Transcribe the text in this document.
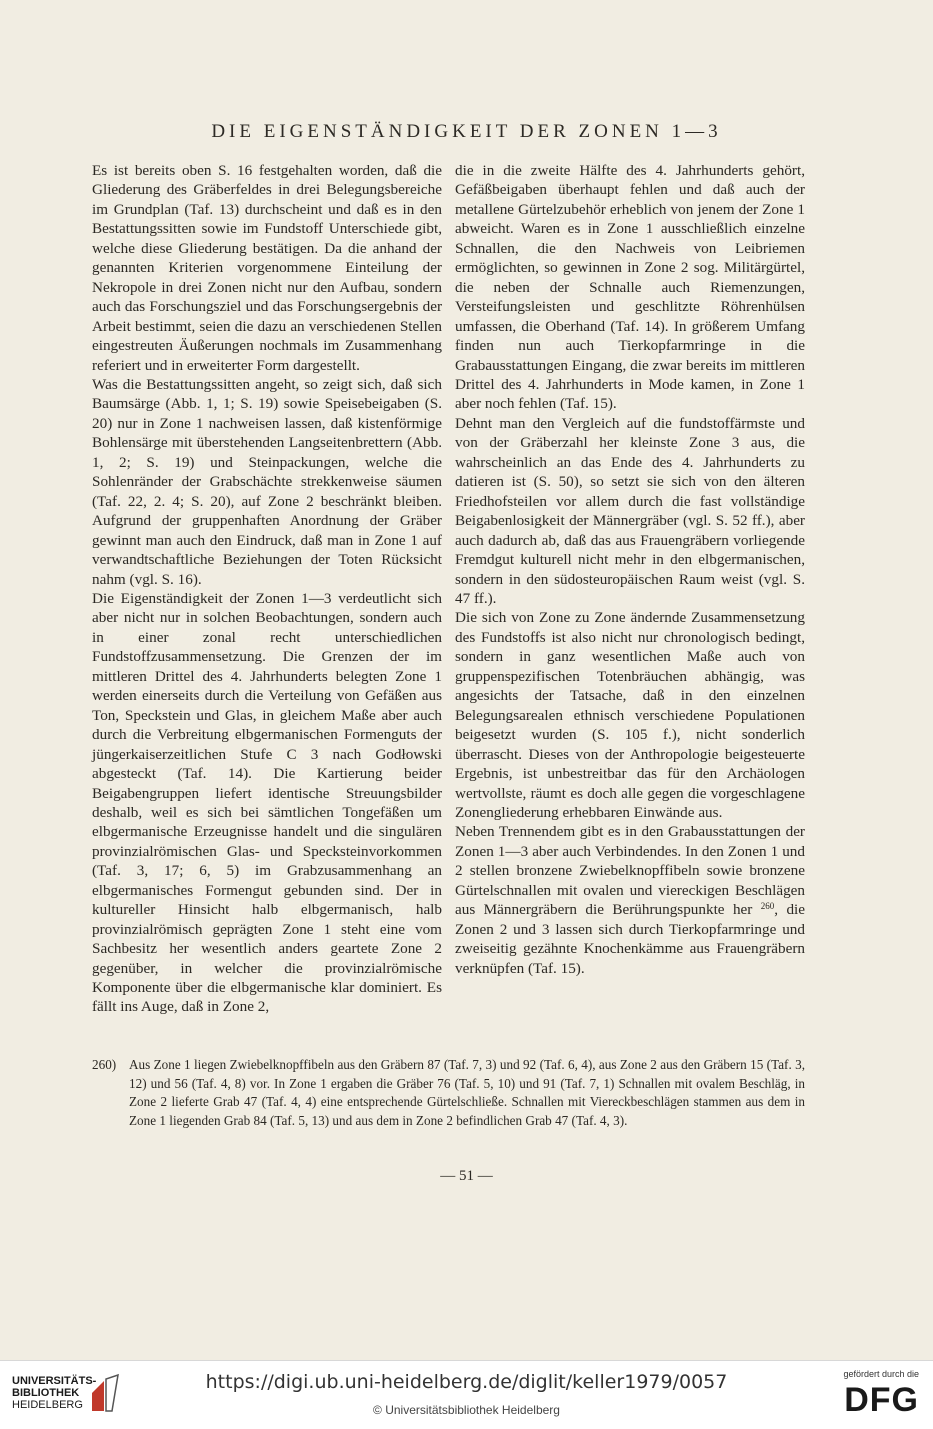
DIE EIGENSTÄNDIGKEIT DER ZONEN 1—3

Es ist bereits oben S. 16 festgehalten worden, daß die Gliederung des Gräberfeldes in drei Belegungsbereiche im Grundplan (Taf. 13) durchscheint und daß es in den Bestattungssitten sowie im Fundstoff Unterschiede gibt, welche diese Gliederung bestätigen. Da die anhand der genannten Kriterien vorgenommene Einteilung der Nekropole in drei Zonen nicht nur den Aufbau, sondern auch das Forschungsziel und das Forschungsergebnis der Arbeit bestimmt, seien die dazu an verschiedenen Stellen eingestreuten Äußerungen nochmals im Zusammenhang referiert und in erweiterter Form dargestellt.

Was die Bestattungssitten angeht, so zeigt sich, daß sich Baumsärge (Abb. 1, 1; S. 19) sowie Speisebeigaben (S. 20) nur in Zone 1 nachweisen lassen, daß kistenförmige Bohlensärge mit überstehenden Langseitenbrettern (Abb. 1, 2; S. 19) und Steinpackungen, welche die Sohlenränder der Grabschächte strekkenweise säumen (Taf. 22, 2. 4; S. 20), auf Zone 2 beschränkt bleiben. Aufgrund der gruppenhaften Anordnung der Gräber gewinnt man auch den Eindruck, daß man in Zone 1 auf verwandtschaftliche Beziehungen der Toten Rücksicht nahm (vgl. S. 16).

Die Eigenständigkeit der Zonen 1—3 verdeutlicht sich aber nicht nur in solchen Beobachtungen, sondern auch in einer zonal recht unterschiedlichen Fundstoffzusammensetzung. Die Grenzen der im mittleren Drittel des 4. Jahrhunderts belegten Zone 1 werden einerseits durch die Verteilung von Gefäßen aus Ton, Speckstein und Glas, in gleichem Maße aber auch durch die Verbreitung elbgermanischen Formenguts der jüngerkaiserzeitlichen Stufe C 3 nach Godłowski abgesteckt (Taf. 14). Die Kartierung beider Beigabengruppen liefert identische Streuungsbilder deshalb, weil es sich bei sämtlichen Tongefäßen um elbgermanische Erzeugnisse handelt und die singulären provinzialrömischen Glas- und Specksteinvorkommen (Taf. 3, 17; 6, 5) im Grabzusammenhang an elbgermanisches Formengut gebunden sind. Der in kultureller Hinsicht halb elbgermanisch, halb provinzialrömisch geprägten Zone 1 steht eine vom Sachbesitz her wesentlich anders geartete Zone 2 gegenüber, in welcher die provinzialrömische Komponente über die elbgermanische klar dominiert. Es fällt ins Auge, daß in Zone 2,

die in die zweite Hälfte des 4. Jahrhunderts gehört, Gefäßbeigaben überhaupt fehlen und daß auch der metallene Gürtelzubehör erheblich von jenem der Zone 1 abweicht. Waren es in Zone 1 ausschließlich einzelne Schnallen, die den Nachweis von Leibriemen ermöglichten, so gewinnen in Zone 2 sog. Militärgürtel, die neben der Schnalle auch Riemenzungen, Versteifungsleisten und geschlitzte Röhrenhülsen umfassen, die Oberhand (Taf. 14). In größerem Umfang finden nun auch Tierkopfarmringe in die Grabausstattungen Eingang, die zwar bereits im mittleren Drittel des 4. Jahrhunderts in Mode kamen, in Zone 1 aber noch fehlen (Taf. 15).

Dehnt man den Vergleich auf die fundstoffärmste und von der Gräberzahl her kleinste Zone 3 aus, die wahrscheinlich an das Ende des 4. Jahrhunderts zu datieren ist (S. 50), so setzt sie sich von den älteren Friedhofsteilen vor allem durch die fast vollständige Beigabenlosigkeit der Männergräber (vgl. S. 52 ff.), aber auch dadurch ab, daß das aus Frauengräbern vorliegende Fremdgut kulturell nicht mehr in den elbgermanischen, sondern in den südosteuropäischen Raum weist (vgl. S. 47 ff.).

Die sich von Zone zu Zone ändernde Zusammensetzung des Fundstoffs ist also nicht nur chronologisch bedingt, sondern in ganz wesentlichen Maße auch von gruppenspezifischen Totenbräuchen abhängig, was angesichts der Tatsache, daß in den einzelnen Belegungsarealen ethnisch verschiedene Populationen beigesetzt wurden (S. 105 f.), nicht sonderlich überrascht. Dieses von der Anthropologie beigesteuerte Ergebnis, ist unbestreitbar das für den Archäologen wertvollste, räumt es doch alle gegen die vorgeschlagene Zonengliederung erhebbaren Einwände aus.

Neben Trennendem gibt es in den Grabausstattungen der Zonen 1—3 aber auch Verbindendes. In den Zonen 1 und 2 stellen bronzene Zwiebelknopffibeln sowie bronzene Gürtelschnallen mit ovalen und viereckigen Beschlägen aus Männergräbern die Berührungspunkte her $^{260}$, die Zonen 2 und 3 lassen sich durch Tierkopfarmringe und zweiseitig gezähnte Knochenkämme aus Frauengräbern verknüpfen (Taf. 15).

260) Aus Zone 1 liegen Zwiebelknopffibeln aus den Gräbern 87 (Taf. 7, 3) und 92 (Taf. 6, 4), aus Zone 2 aus den Gräbern 15 (Taf. 3, 12) und 56 (Taf. 4, 8) vor. In Zone 1 ergaben die Gräber 76 (Taf. 5, 10) und 91 (Taf. 7, 1) Schnallen mit ovalem Beschläg, in Zone 2 lieferte Grab 47 (Taf. 4, 4) eine entsprechende Gürtelschließe. Schnallen mit Viereckbeschlägen stammen aus dem in Zone 1 liegenden Grab 84 (Taf. 5, 13) und aus dem in Zone 2 befindlichen Grab 47 (Taf. 4, 3).
— 51 —
UNIVERSITÄTS-
BIBLIOTHEK
HEIDELBERG
https://digi.ub.uni-heidelberg.de/diglit/keller1979/0057
© Universitätsbibliothek Heidelberg
gefördert durch die
DFG
